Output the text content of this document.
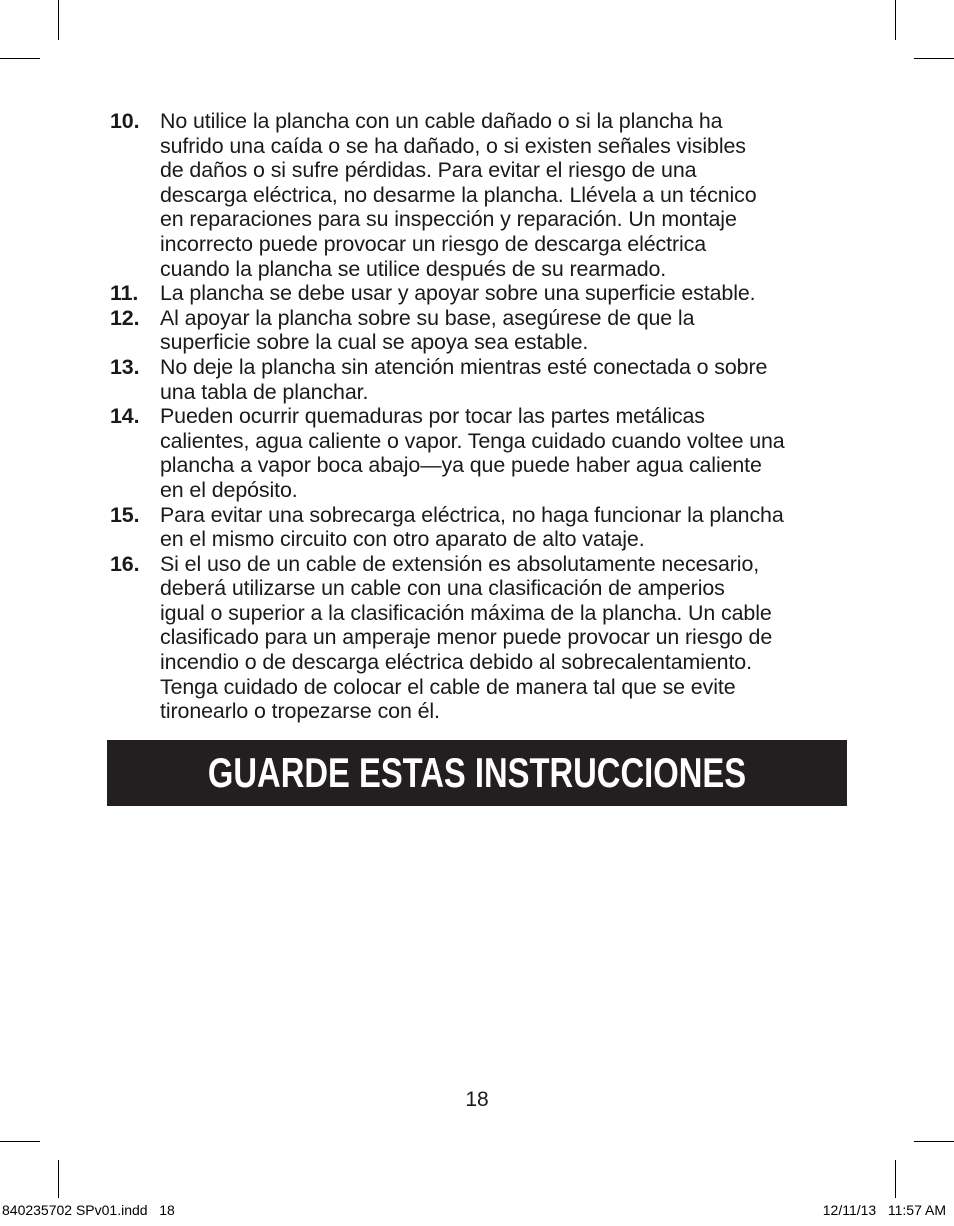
10. No utilice la plancha con un cable dañado o si la plancha ha
sufrido una caída o se ha dañado, o si existen señales visibles
de daños o si sufre pérdidas. Para evitar el riesgo de una
descarga eléctrica, no desarme la plancha. Llévela a un técnico
en reparaciones para su inspección y reparación. Un montaje
incorrecto puede provocar un riesgo de descarga eléctrica
cuando la plancha se utilice después de su rearmado.
11. La plancha se debe usar y apoyar sobre una superficie estable.
12. Al apoyar la plancha sobre su base, asegúrese de que la
superficie sobre la cual se apoya sea estable.
13. No deje la plancha sin atención mientras esté conectada o sobre
una tabla de planchar.
14. Pueden ocurrir quemaduras por tocar las partes metálicas
calientes, agua caliente o vapor. Tenga cuidado cuando voltee una
plancha a vapor boca abajo—ya que puede haber agua caliente
en el depósito.
15. Para evitar una sobrecarga eléctrica, no haga funcionar la plancha
en el mismo circuito con otro aparato de alto vataje.
16. Si el uso de un cable de extensión es absolutamente necesario,
deberá utilizarse un cable con una clasificación de amperios
igual o superior a la clasificación máxima de la plancha. Un cable
clasificado para un amperaje menor puede provocar un riesgo de
incendio o de descarga eléctrica debido al sobrecalentamiento.
Tenga cuidado de colocar el cable de manera tal que se evite
tironearlo o tropezarse con él.
GUARDE ESTAS INSTRUCCIONES
18
840235702 SPv01.indd   18	12/11/13   11:57 AM
